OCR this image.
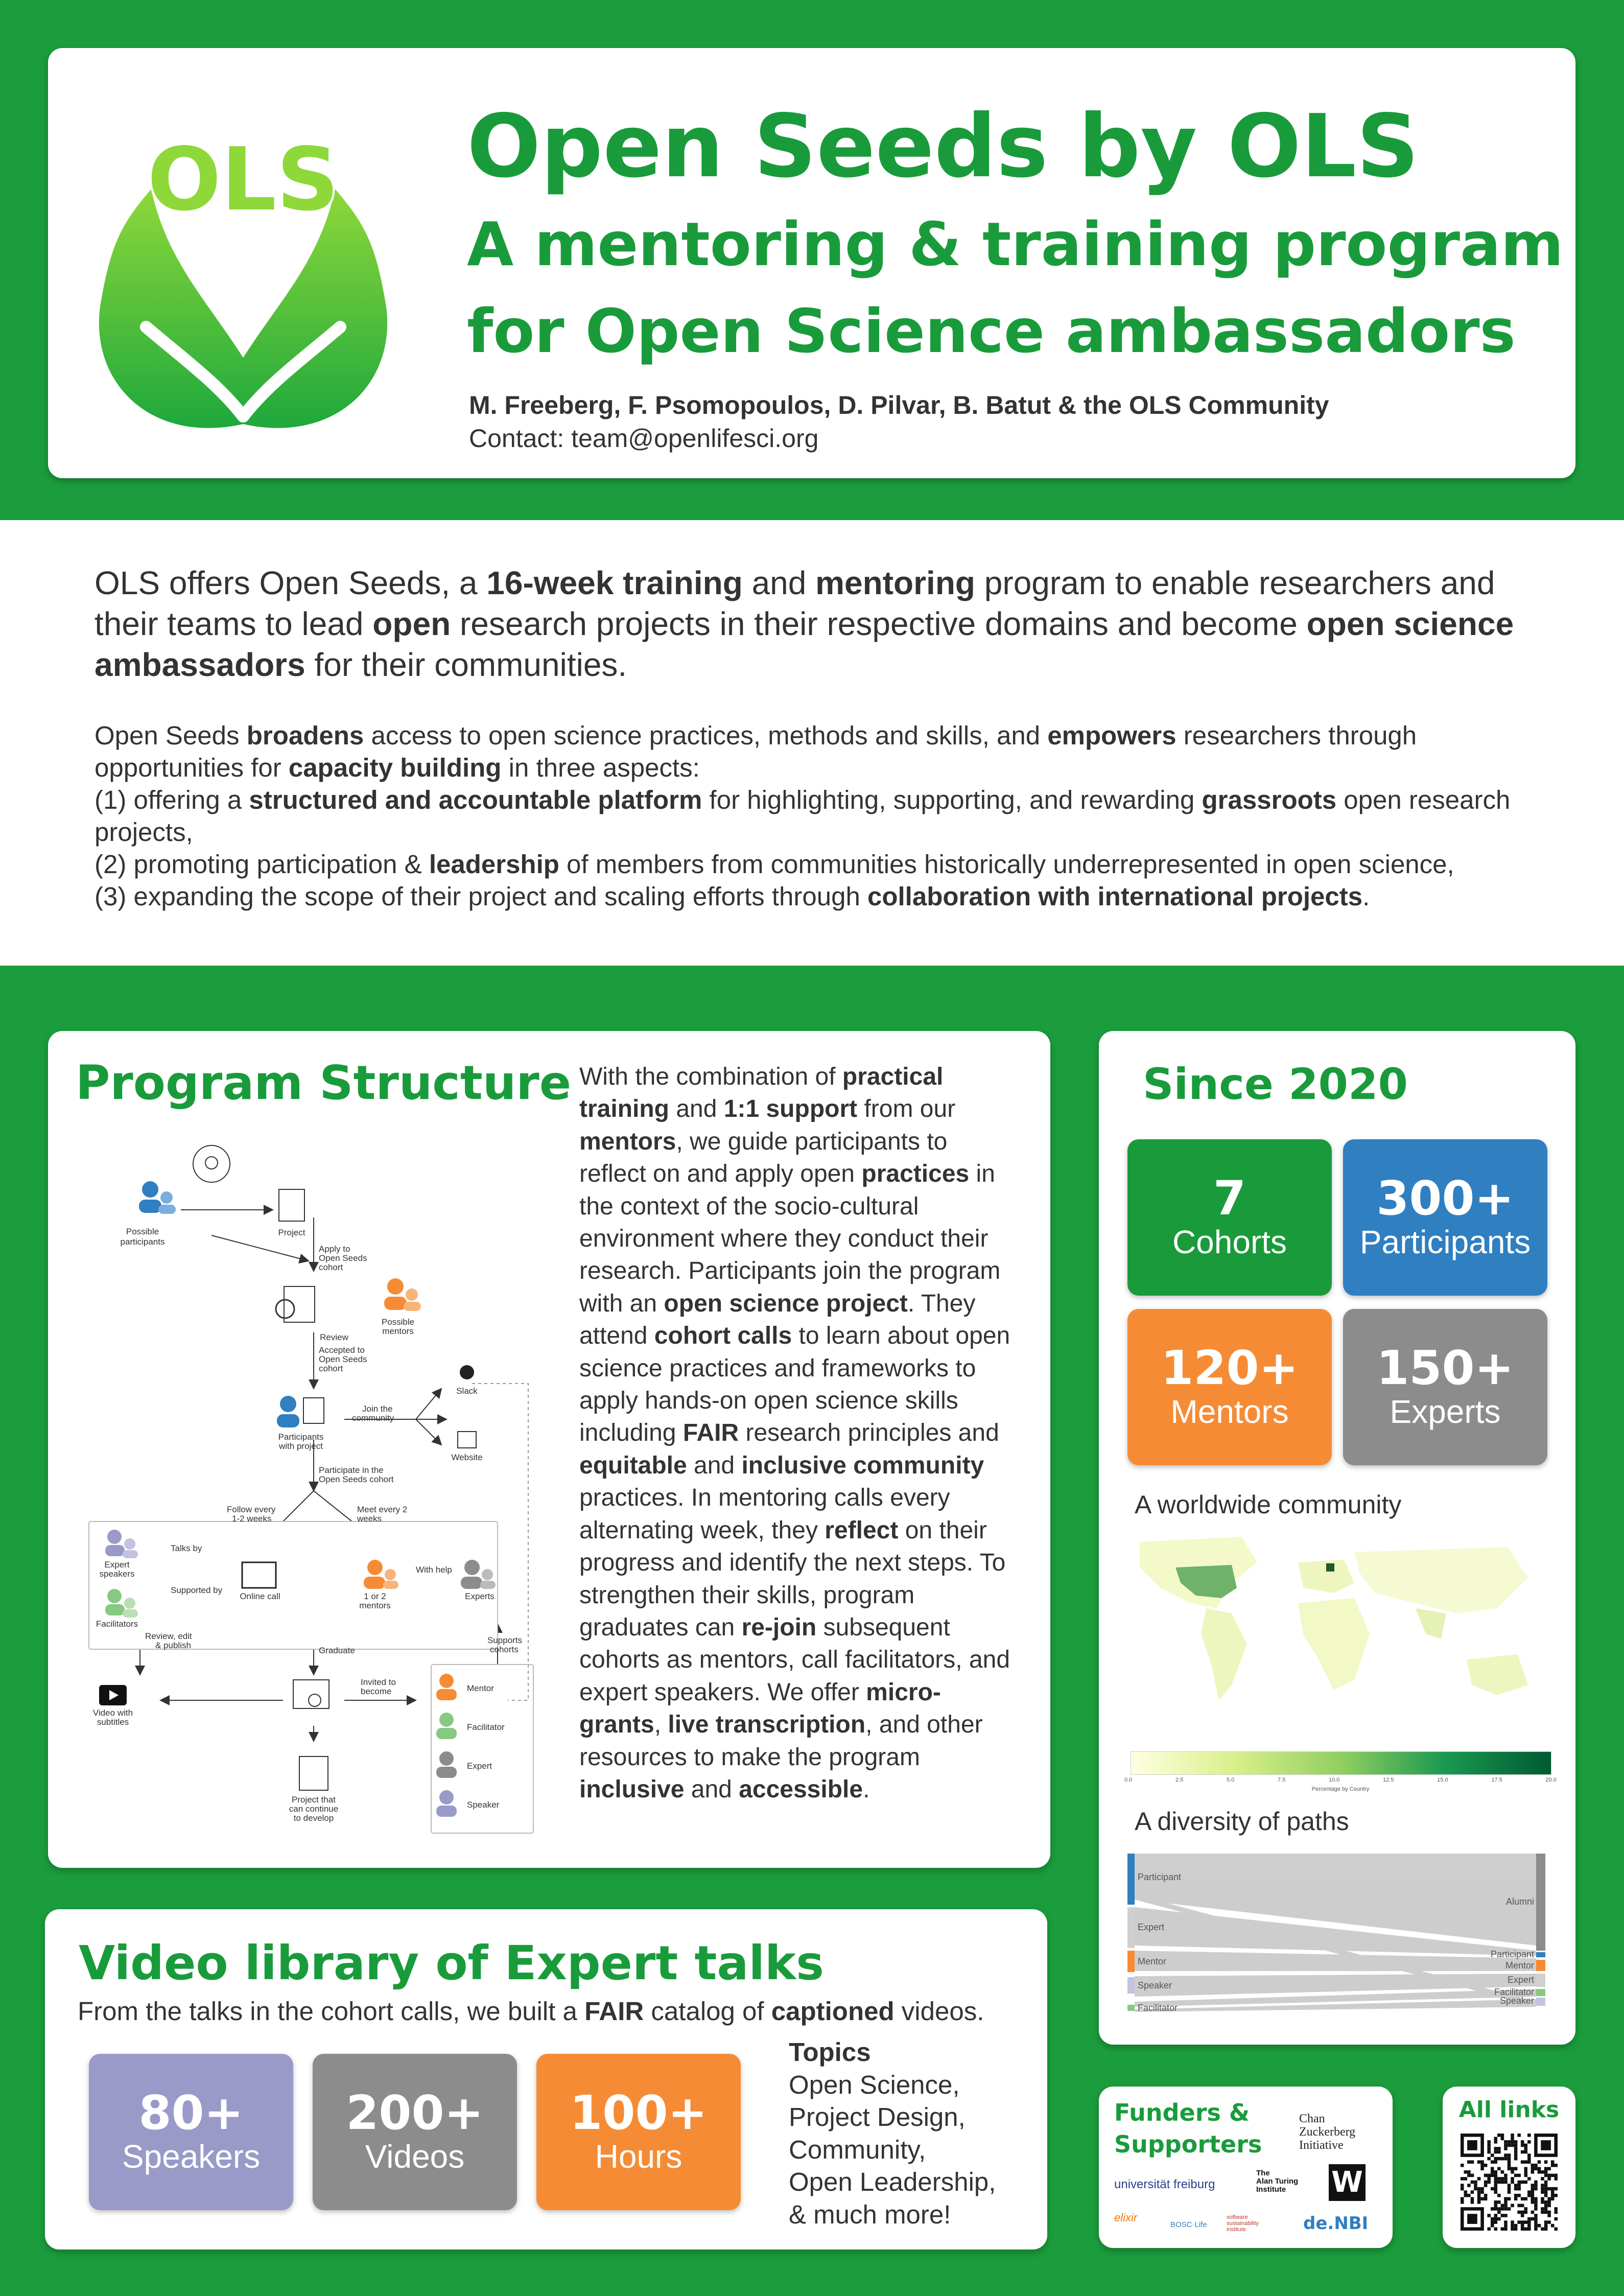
OLS Open Seeds by OLS
A mentoring & training program
for Open Science ambassadors
M. Freeberg, F. Psomopoulos, D. Pilvar, B. Batut & the OLS Community
Contact: team@openlifesci.org
OLS offers Open Seeds, a 16-week training and mentoring program to enable researchers and their teams to lead open research projects in their respective domains and become open science ambassadors for their communities.
Open Seeds broadens access to open science practices, methods and skills, and empowers researchers through opportunities for capacity building in three aspects:
(1) offering a structured and accountable platform for highlighting, supporting, and rewarding grassroots open research projects,
(2) promoting participation & leadership of members from communities historically underrepresented in open science,
(3) expanding the scope of their project and scaling efforts through collaboration with international projects.
Program Structure
Possible
participants
Project
Apply to
Open Seeds
cohort
Review
Possible
mentors
Accepted to
Open Seeds
cohort
Join the
community
Slack
Website
Participants
with project
Participate in the
Open Seeds cohort
Follow every
1-2 weeks
Meet every 2
weeks
Expert
speakers
Talks by
Online call	1 or 2
mentors
With help
Experts
Supported by
Facilitators
Review, edit
& publish
Graduate
Supports
cohorts
Video with
subtitles
Invited to
become	Mentor
Facilitator
Expert
Speaker
Project that
can continue
to develop
With the combination of practical training and 1:1 support from our mentors, we guide participants to reflect on and apply open practices in the context of the socio-cultural environment where they conduct their research. Participants join the program with an open science project. They attend cohort calls to learn about open science practices and frameworks to apply hands-on open science skills including FAIR research principles and equitable and inclusive community practices. In mentoring calls every alternating week, they reflect on their progress and identify the next steps. To strengthen their skills, program graduates can re-join subsequent cohorts as mentors, call facilitators, and expert speakers. We offer micro-grants, live transcription, and other resources to make the program inclusive and accessible.
Since 2020
7
Cohorts
300+
Participants
120+
Mentors
150+
Experts
A worldwide community
0.0	2.5	5.0	7.5	10.0	12.5	15.0	17.5	20.0
Percentage by Country
A diversity of paths
Participant
Expert
Mentor
Speaker
Facilitator
Alumni
Participant
Mentor
Expert
Facilitator
Speaker
Video library of Expert talks
From the talks in the cohort calls, we built a FAIR catalog of captioned videos.
80+
Speakers
200+
Videos
100+
Hours
Topics
Open Science,
Project Design,
Community,
Open Leadership,
& much more!
Funders &
Supporters
Chan
Zuckerberg
Initiative
universität freiburg
The
Alan Turing
Institute	W
elixir
BOSC·Life
software
sustainability
institute	de.NBI
All links
